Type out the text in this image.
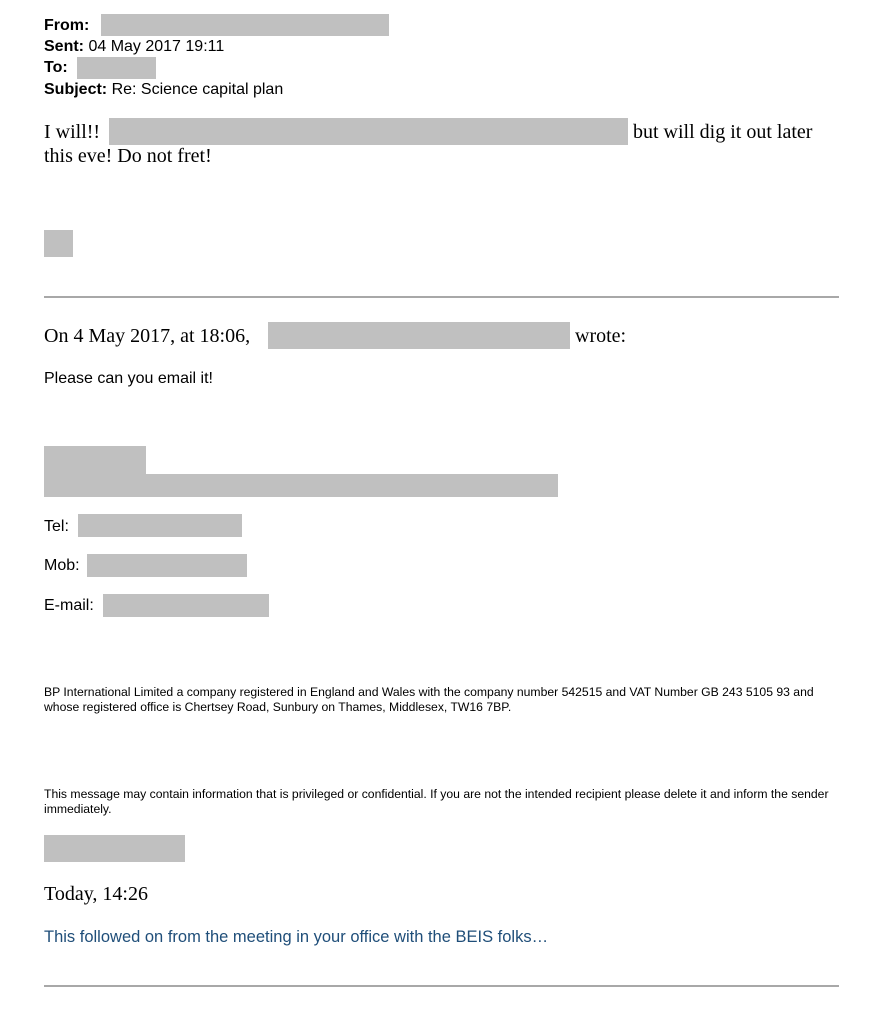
From:
Sent: 04 May 2017 19:11
To:
Subject: Re: Science capital plan
I will!!	but will dig it out later
this eve! Do not fret!
On 4 May 2017, at 18:06,	wrote:
Please can you email it!
Tel:
Mob:
E-mail:
BP International Limited a company registered in England and Wales with the company number 542515 and VAT Number GB 243 5105 93 and whose registered office is Chertsey Road, Sunbury on Thames, Middlesex, TW16 7BP.
This message may contain information that is privileged or confidential. If you are not the intended recipient please delete it and inform the sender immediately.
Today, 14:26
This followed on from the meeting in your office with the BEIS folks…
